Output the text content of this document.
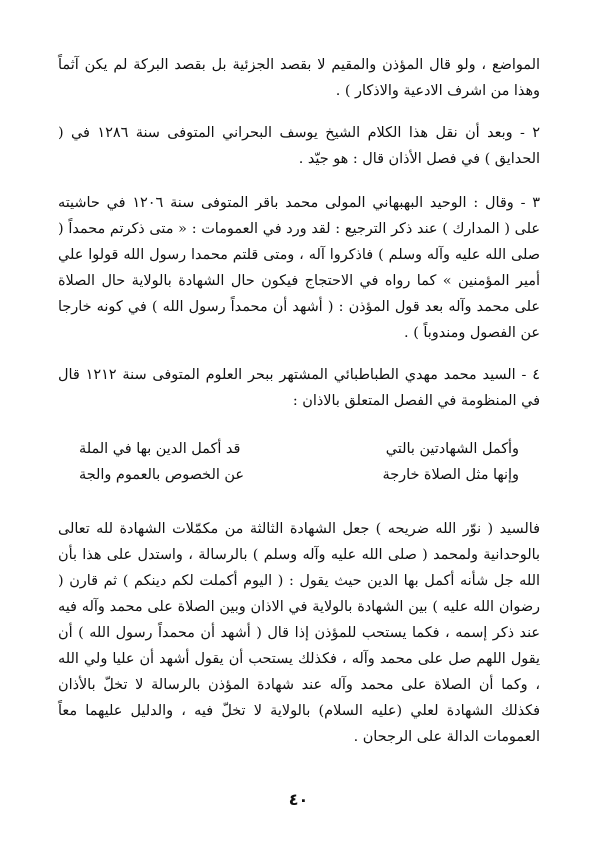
المواضع ، ولو قال المؤذن والمقيم لا بقصد الجزئية بل بقصد البركة لم يكن آثماً وهذا من اشرف الادعية والاذكار ) .

٢ - وبعد أن نقل هذا الكلام الشيخ يوسف البحراني المتوفى سنة ١٢٨٦ في ( الحدايق ) في فصل الأذان قال : هو جيّد .

٣ - وقال : الوحيد البهبهاني المولى محمد باقر المتوفى سنة ١٢٠٦ في حاشيته على ( المدارك ) عند ذكر الترجيع : لقد ورد في العمومات : « متى ذكرتم محمداً ( صلى الله عليه وآله وسلم ) فاذكروا آله ، ومتى قلتم محمدا رسول الله قولوا علي أمير المؤمنين » كما رواه في الاحتجاج فيكون حال الشهادة بالولاية حال الصلاة على محمد وآله بعد قول المؤذن : ( أشهد أن محمداً رسول الله ) في كونه خارجا عن الفصول ومندوباً ) .

٤ - السيد محمد مهدي الطباطبائي المشتهر ببحر العلوم المتوفى سنة ١٢١٢ قال في المنظومة في الفصل المتعلق بالاذان :

وأكمل الشهادتين بالتي
قد أكمل الدين بها في الملة
وإنها مثل الصلاة خارجة
عن الخصوص بالعموم والجة

فالسيد ( نوّر الله ضريحه ) جعل الشهادة الثالثة من مكمّلات الشهادة لله تعالى بالوحدانية ولمحمد ( صلى الله عليه وآله وسلم ) بالرسالة ، واستدل على هذا بأن الله جل شأنه أكمل بها الدين حيث يقول : ( اليوم أكملت لكم دينكم ) ثم قارن ( رضوان الله عليه ) بين الشهادة بالولاية في الاذان وبين الصلاة على محمد وآله فيه عند ذكر إسمه ، فكما يستحب للمؤذن إذا قال ( أشهد أن محمداً رسول الله ) أن يقول اللهم صل على محمد وآله ، فكذلك يستحب أن يقول أشهد أن عليا ولي الله ، وكما أن الصلاة على محمد وآله عند شهادة المؤذن بالرسالة لا تخلّ بالأذان فكذلك الشهادة لعلي (عليه السلام) بالولاية لا تخلّ فيه ، والدليل عليهما معاً العمومات الدالة على الرجحان .

٤٠
